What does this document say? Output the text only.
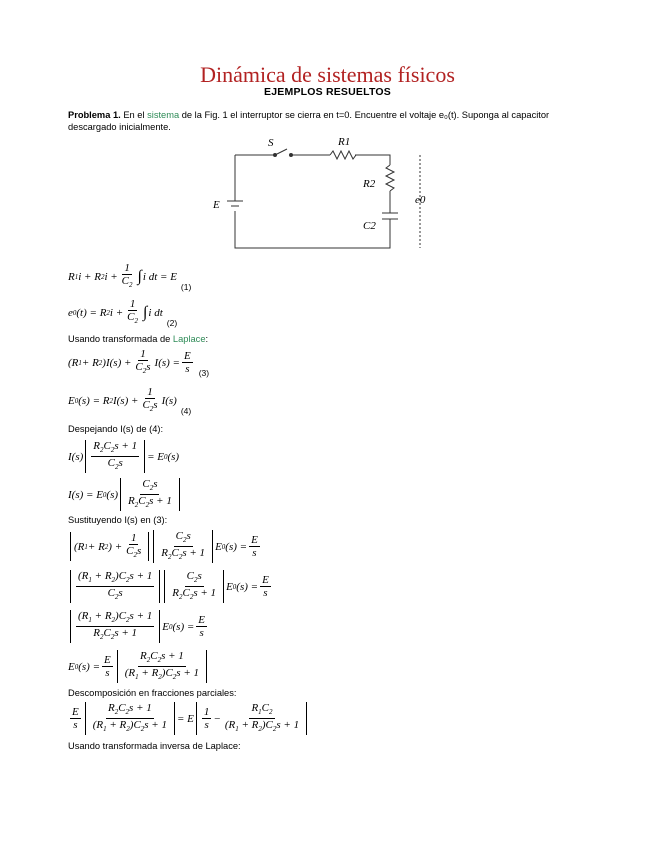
Dinámica de sistemas físicos
EJEMPLOS RESUELTOS
Problema 1. En el sistema de la Fig. 1 el interruptor se cierra en t=0. Encuentre el voltaje e₀(t). Suponga al capacitor descargado inicialmente.
S	R1
R2
C2
E	e0
R 1 i + R 2 $i + \frac{1}{C_2}$ ∫ i dt = E
(1)
e 0 (t) = R 2 $i + \frac{1}{C_2}$ ∫ i dt
(2)
Usando transformada de Laplace:
(R 1 + R 2 )$I(s) + \frac{1}{C_2s} I(s) = \frac{E}{s} (3)$
E 0 (s) = R 2 $I(s) + \frac{1}{C_2s} I(s)$
(4)
Despejando I(s) de (4):
$I(s) \frac{R_2C_2s + 1}{C_2s} = E$ 0 (s)
I(s) = E 0 $(s) \frac{C_2s}{R_2C_2s + 1}$
Sustituyendo I(s) en (3):
(R 1 + R 2 ) + $\frac{1}{C_2s} \frac{C_2s}{R_2C_2s + 1}$ E 0 $(s) = \frac{E}{s}$
$\frac{(R_1 + R_2)C_2s + 1}{C_2s} \frac{C_2s}{R_2C_2s + 1}$ E 0 $(s) = \frac{E}{s}$
$\frac{(R_1 + R_2)C_2s + 1}{R_2C_2s + 1}$ E 0 $(s) = \frac{E}{s}$
E 0 $(s) = \frac{E}{s} \frac{R_2C_2s + 1}{(R_1 + R_2)C_2s + 1}$
Descomposición en fracciones parciales:
$\frac{E}{s} \frac{R_2C_2s + 1}{(R_1 + R_2)C_2s + 1} = E \frac{1}{s} - \frac{R_1C_2}{(R_1 + R_2)C_2s + 1}$
Usando transformada inversa de Laplace:
